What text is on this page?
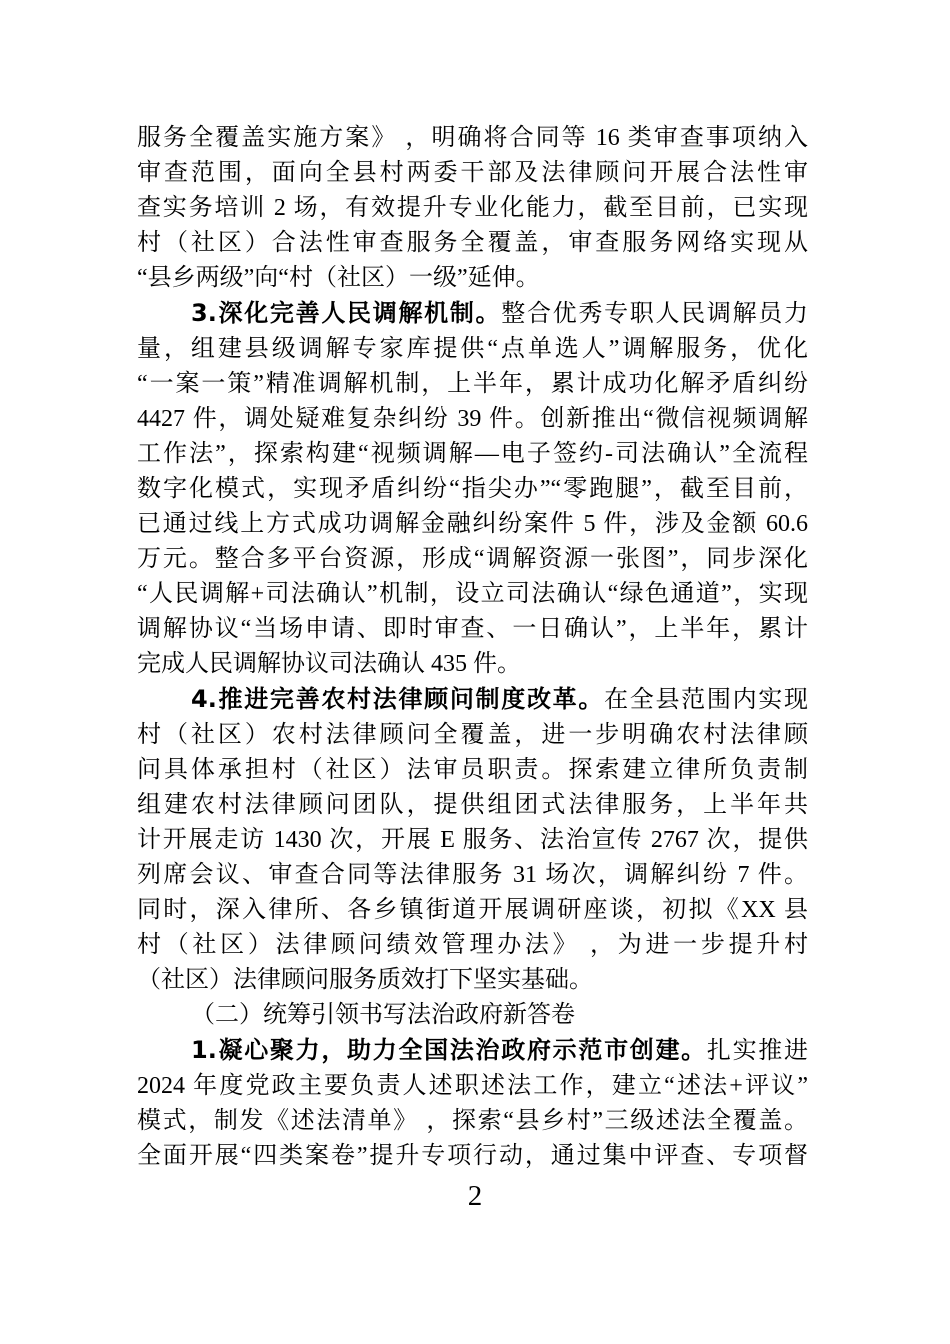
服务全覆盖实施方案》 ，明确将合同等 16 类审查事项纳入
审查范围，面向全县村两委干部及法律顾问开展合法性审
查实务培训 2 场，有效提升专业化能力，截至目前，已实现
村（社区）合法性审查服务全覆盖，审查服务网络实现从
“县乡两级”向“村（社区）一级”延伸。
3.深化完善人民调解机制。整合优秀专职人民调解员力
量，组建县级调解专家库提供“点单选人”调解服务，优化
“一案一策”精准调解机制，上半年，累计成功化解矛盾纠纷
4427 件，调处疑难复杂纠纷 39 件。创新推出“微信视频调解
工作法”，探索构建“视频调解—电子签约-司法确认”全流程
数字化模式，实现矛盾纠纷“指尖办”“零跑腿”，截至目前，
已通过线上方式成功调解金融纠纷案件 5 件，涉及金额 60.6
万元。整合多平台资源，形成“调解资源一张图”，同步深化
“人民调解+司法确认”机制，设立司法确认“绿色通道”，实现
调解协议“当场申请、即时审查、一日确认”，上半年，累计
完成人民调解协议司法确认 435 件。
4.推进完善农村法律顾问制度改革。在全县范围内实现
村（社区）农村法律顾问全覆盖，进一步明确农村法律顾
问具体承担村（社区）法审员职责。探索建立律所负责制
组建农村法律顾问团队，提供组团式法律服务，上半年共
计开展走访 1430 次，开展 E 服务、法治宣传 2767 次，提供
列席会议、审查合同等法律服务 31 场次，调解纠纷 7 件。
同时，深入律所、各乡镇街道开展调研座谈，初拟《XX 县
村（社区）法律顾问绩效管理办法》 ，为进一步提升村
（社区）法律顾问服务质效打下坚实基础。
（二）统筹引领书写法治政府新答卷
1.凝心聚力，助力全国法治政府示范市创建。扎实推进
2024 年度党政主要负责人述职述法工作，建立“述法+评议”
模式，制发《述法清单》 ，探索“县乡村”三级述法全覆盖。
全面开展“四类案卷”提升专项行动，通过集中评查、专项督
2
